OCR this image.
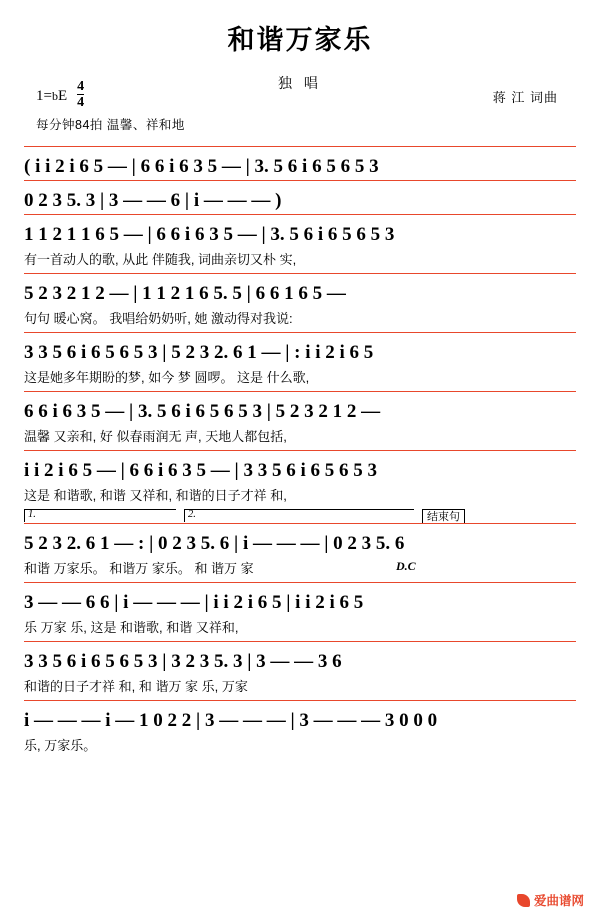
和谐万家乐
独 唱
1= b E $\frac{4}{4}$	蒋 江 词曲
每分钟84拍 温馨、祥和地
( i i 2 i 6 5 — | 6 6 i 6 3 5 — | 3. 5 6 i 6 5 6 5 3
0 2 3 5. 3 | 3 — — 6 | i — — — )
1 1 2 1 1 6 5 — | 6 6 i 6 3 5 — | 3. 5 6 i 6 5 6 5 3
有一首动人的歌, 从此 伴随我, 词曲亲切又朴 实,
5 2 3 2 1 2 — | 1 1 2 1 6 5. 5 | 6 6 1 6 5 —
句句 暖心窝。 我唱给奶奶听, 她 激动得对我说:
3 3 5 6 i 6 5 6 5 3 | 5 2 3 2. 6 1 — | : i i 2 i 6 5
这是她多年期盼的梦, 如今 梦 圆啰。 这是 什么歌,
6 6 i 6 3 5 — | 3. 5 6 i 6 5 6 5 3 | 5 2 3 2 1 2 —
温馨 又亲和, 好 似春雨润无 声, 天地人都包括,
i i 2 i 6 5 — | 6 6 i 6 3 5 — | 3 3 5 6 i 6 5 6 5 3
这是 和谐歌, 和谐 又祥和, 和谐的日子才祥 和,
1.	2.	结束句
5 2 3 2. 6 1 — : | 0 2 3 5. 6 | i — — — | 0 2 3 5. 6
和谐 万家乐。 和谐万 家乐。 和 谐万 家	D.C
3 — — 6 6 | i — — — | i i 2 i 6 5 | i i 2 i 6 5
乐 万家 乐, 这是 和谐歌, 和谐 又祥和,
3 3 5 6 i 6 5 6 5 3 | 3 2 3 5. 3 | 3 — — 3 6
和谐的日子才祥 和, 和 谐万 家 乐, 万家
i — — — i — 1 0 2 2 | 3 — — — | 3 — — — 3 0 0 0
乐, 万家乐。
爱曲谱网
